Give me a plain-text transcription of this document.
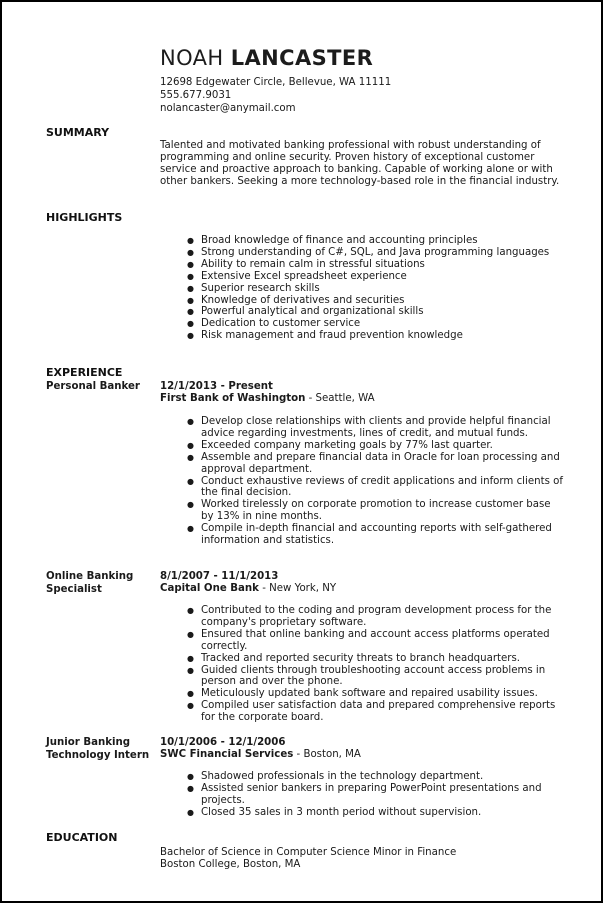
NOAH LANCASTER
12698 Edgewater Circle, Bellevue, WA 11111
555.677.9031
nolancaster@anymail.com
SUMMARY
Talented and motivated banking professional with robust understanding of programming and online security. Proven history of exceptional customer service and proactive approach to banking. Capable of working alone or with other bankers. Seeking a more technology-based role in the financial industry.
HIGHLIGHTS
● Broad knowledge of finance and accounting principles
● Strong understanding of C#, SQL, and Java programming languages
● Ability to remain calm in stressful situations
● Extensive Excel spreadsheet experience
● Superior research skills
● Knowledge of derivatives and securities
● Powerful analytical and organizational skills
● Dedication to customer service
● Risk management and fraud prevention knowledge
EXPERIENCE
Personal Banker	12/1/2013 - Present
First Bank of Washington - Seattle, WA
● Develop close relationships with clients and provide helpful financial advice regarding investments, lines of credit, and mutual funds.
● Exceeded company marketing goals by 77% last quarter.
● Assemble and prepare financial data in Oracle for loan processing and approval department.
● Conduct exhaustive reviews of credit applications and inform clients of the final decision.
● Worked tirelessly on corporate promotion to increase customer base by 13% in nine months.
● Compile in-depth financial and accounting reports with self-gathered information and statistics.
Online Banking Specialist
8/1/2007 - 11/1/2013
Capital One Bank - New York, NY
● Contributed to the coding and program development process for the company's proprietary software.
● Ensured that online banking and account access platforms operated correctly.
● Tracked and reported security threats to branch headquarters.
● Guided clients through troubleshooting account access problems in person and over the phone.
● Meticulously updated bank software and repaired usability issues.
● Compiled user satisfaction data and prepared comprehensive reports for the corporate board.
Junior Banking Technology Intern
10/1/2006 - 12/1/2006
SWC Financial Services - Boston, MA
● Shadowed professionals in the technology department.
● Assisted senior bankers in preparing PowerPoint presentations and projects.
● Closed 35 sales in 3 month period without supervision.
EDUCATION
Bachelor of Science in Computer Science Minor in Finance
Boston College, Boston, MA
